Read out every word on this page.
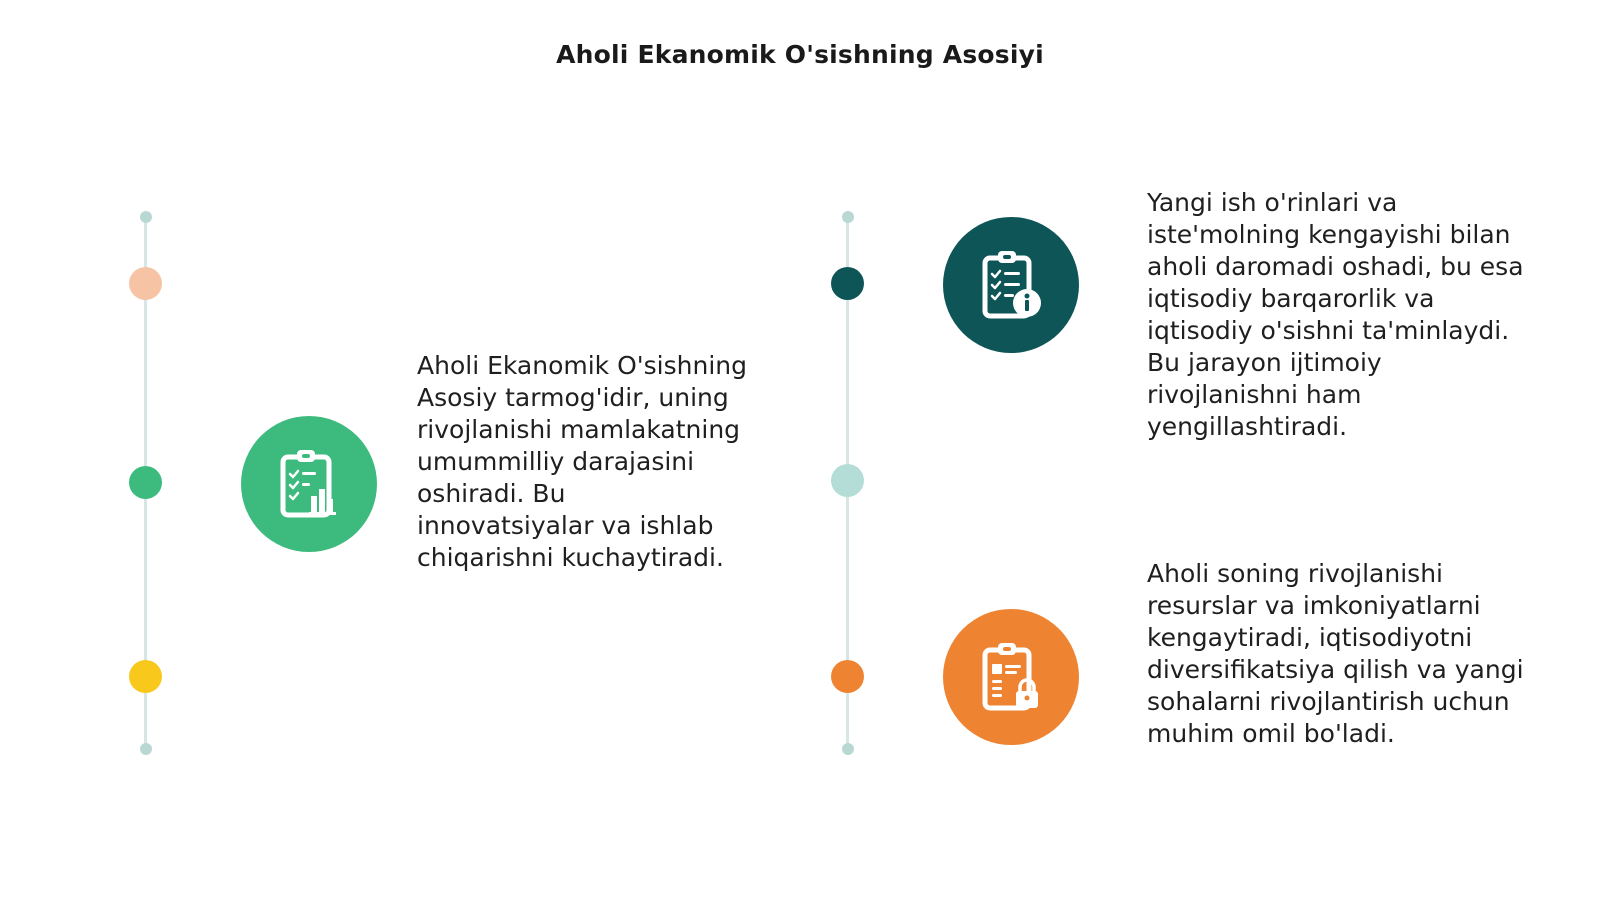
Aholi Ekanomik O'sishning Asosiyi
Aholi Ekanomik O'sishning Asosiy tarmog'idir, uning rivojlanishi mamlakatning umummilliy darajasini oshiradi. Bu innovatsiyalar va ishlab chiqarishni kuchaytiradi.
Yangi ish o'rinlari va iste'molning kengayishi bilan aholi daromadi oshadi, bu esa iqtisodiy barqarorlik va iqtisodiy o'sishni ta'minlaydi. Bu jarayon ijtimoiy rivojlanishni ham yengillashtiradi.
Aholi soning rivojlanishi resurslar va imkoniyatlarni kengaytiradi, iqtisodiyotni diversifikatsiya qilish va yangi sohalarni rivojlantirish uchun muhim omil bo'ladi.
